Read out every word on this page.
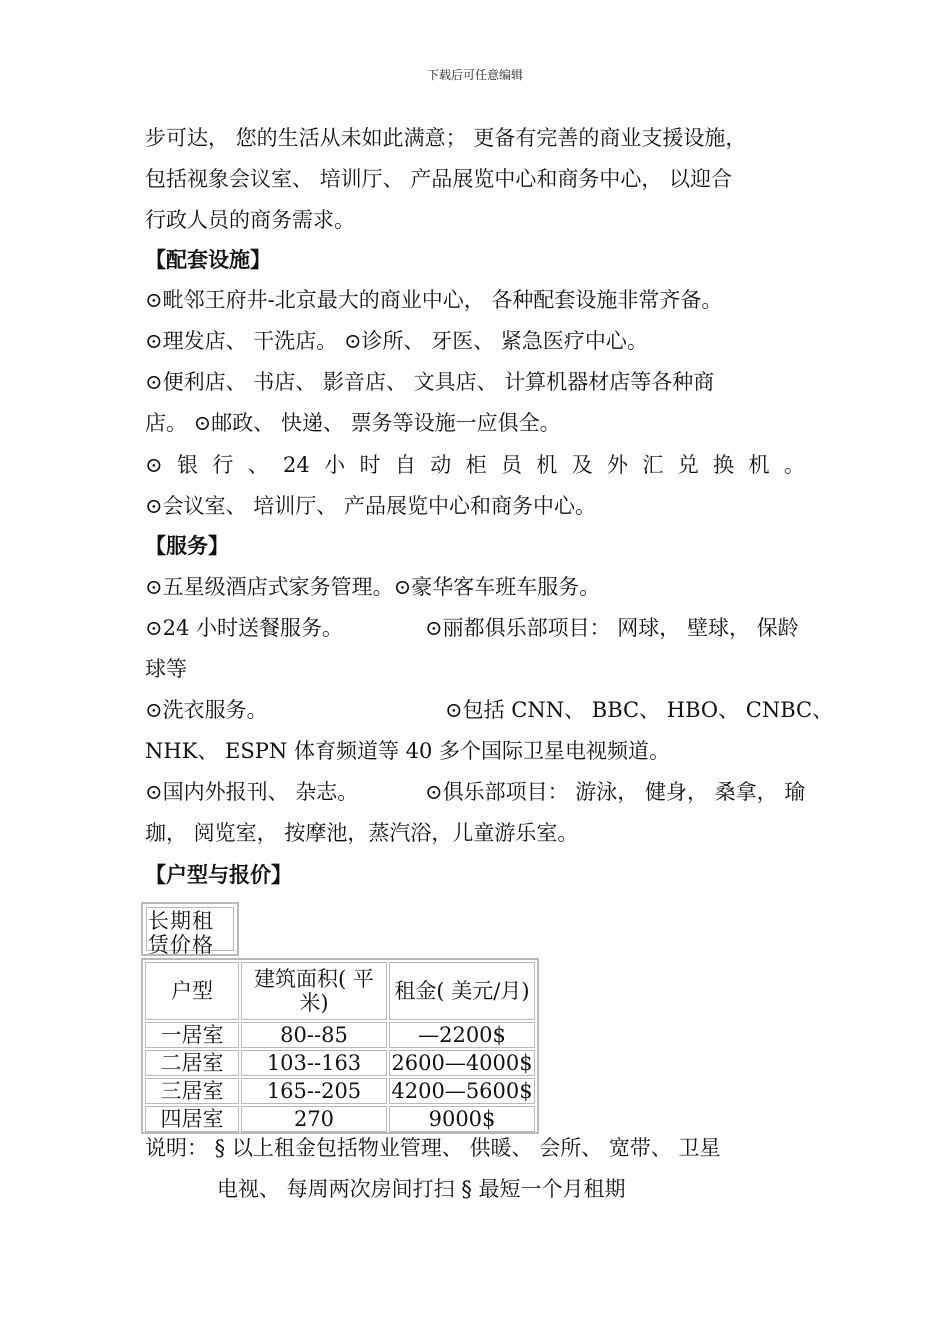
下载后可任意编辑
步可达， 您的生活从未如此满意； 更备有完善的商业支援设施，
包括视象会议室、 培训厅、 产品展览中心和商务中心， 以迎合
行政人员的商务需求。
【配套设施】
⊙毗邻王府井-北京最大的商业中心， 各种配套设施非常齐备。
⊙理发店、 干洗店。 ⊙诊所、 牙医、 紧急医疗中心。
⊙便利店、 书店、 影音店、 文具店、 计算机器材店等各种商
店。 ⊙邮政、 快递、 票务等设施一应俱全。
⊙ 银 行 、 24 小 时 自 动 柜 员 机 及 外 汇 兑 换 机 。
⊙会议室、 培训厅、 产品展览中心和商务中心。
【服务】
⊙五星级酒店式家务管理。⊙豪华客车班车服务。
⊙24 小时送餐服务。	⊙丽都俱乐部项目： 网球， 壁球， 保龄
球等
⊙洗衣服务。	⊙包括 CNN、 BBC、 HBO、 CNBC、
NHK、 ESPN 体育频道等 40 多个国际卫星电视频道。
⊙国内外报刊、 杂志。	⊙俱乐部项目： 游泳， 健身， 桑拿， 瑜
珈， 阅览室， 按摩池，蒸汽浴，儿童游乐室。
【户型与报价】
长期租赁价格
户型	建筑面积( 平米)	租金( 美元/月)
一居室	80--85	—2200$
二居室	103--163	2600—4000$
三居室	165--205	4200—5600$
四居室	270	9000$
说明： § 以上租金包括物业管理、 供暖、 会所、 宽带、 卫星
电视、 每周两次房间打扫 § 最短一个月租期
